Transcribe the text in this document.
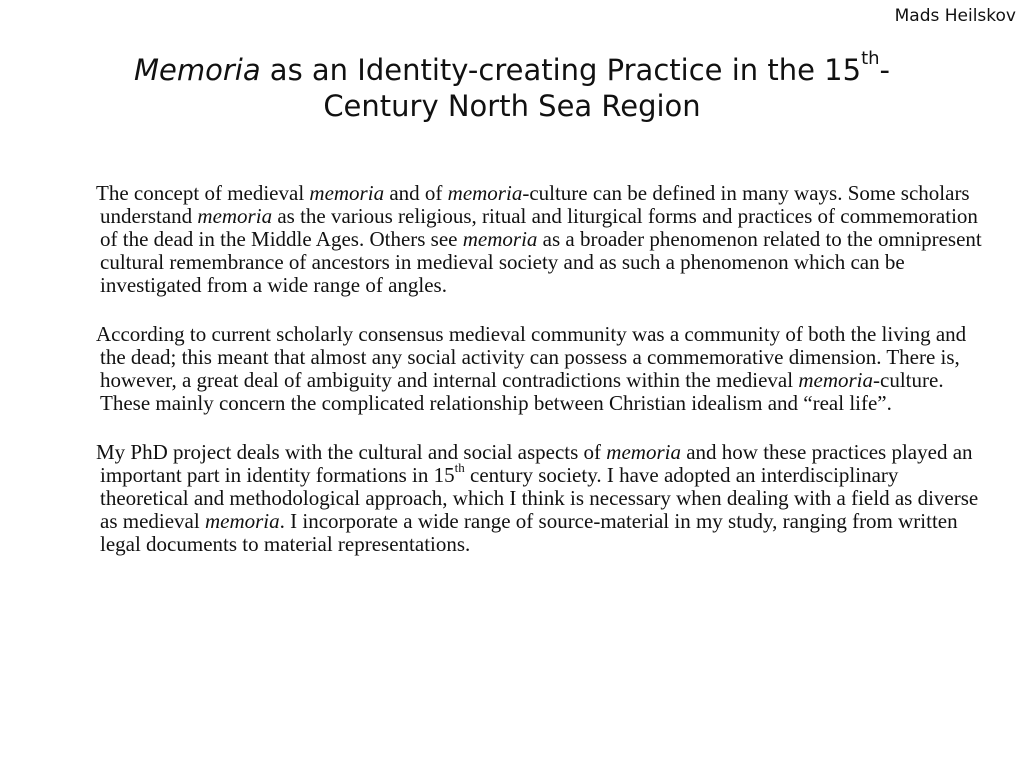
Mads Heilskov
Memoria as an Identity-creating Practice in the 15th-
Century North Sea Region

The concept of medieval memoria and of memoria-culture can be defined in many ways. Some scholars understand memoria as the various religious, ritual and liturgical forms and practices of commemoration of the dead in the Middle Ages. Others see memoria as a broader phenomenon related to the omnipresent cultural remembrance of ancestors in medieval society and as such a phenomenon which can be investigated from a wide range of angles.

According to current scholarly consensus medieval community was a community of both the living and the dead; this meant that almost any social activity can possess a commemorative dimension. There is, however, a great deal of ambiguity and internal contradictions within the medieval memoria-culture. These mainly concern the complicated relationship between Christian idealism and “real life”.

My PhD project deals with the cultural and social aspects of memoria and how these practices played an important part in identity formations in 15th century society. I have adopted an interdisciplinary theoretical and methodological approach, which I think is necessary when dealing with a field as diverse as medieval memoria. I incorporate a wide range of source-material in my study, ranging from written legal documents to material representations.
